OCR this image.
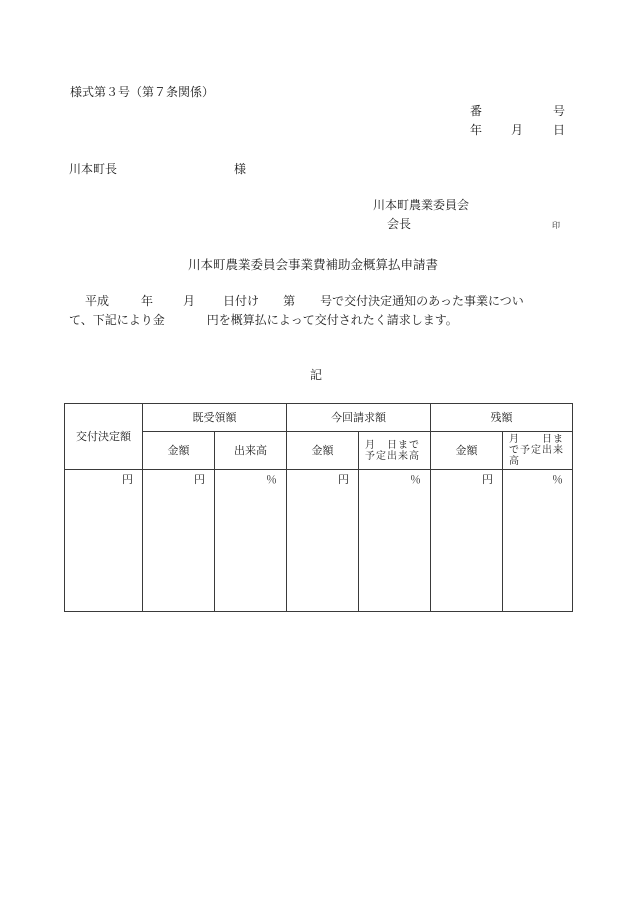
様式第３号（第７条関係）
番	号
年 月 日
川本町長	様
川本町農業委員会
会長	印
川本町農業委員会事業費補助金概算払申請書
平成	年	月 日付け 第 号で交付決定通知のあった事業につい
て、下記により金	円を概算払によって交付されたく請求します。
記
交付決定額	既受領額		今回請求額		残額	
	金額	出来高	金額	月　日まで予定出来高	金額	月　　日まで予定出来高

円	円	％	円	％	円	％
